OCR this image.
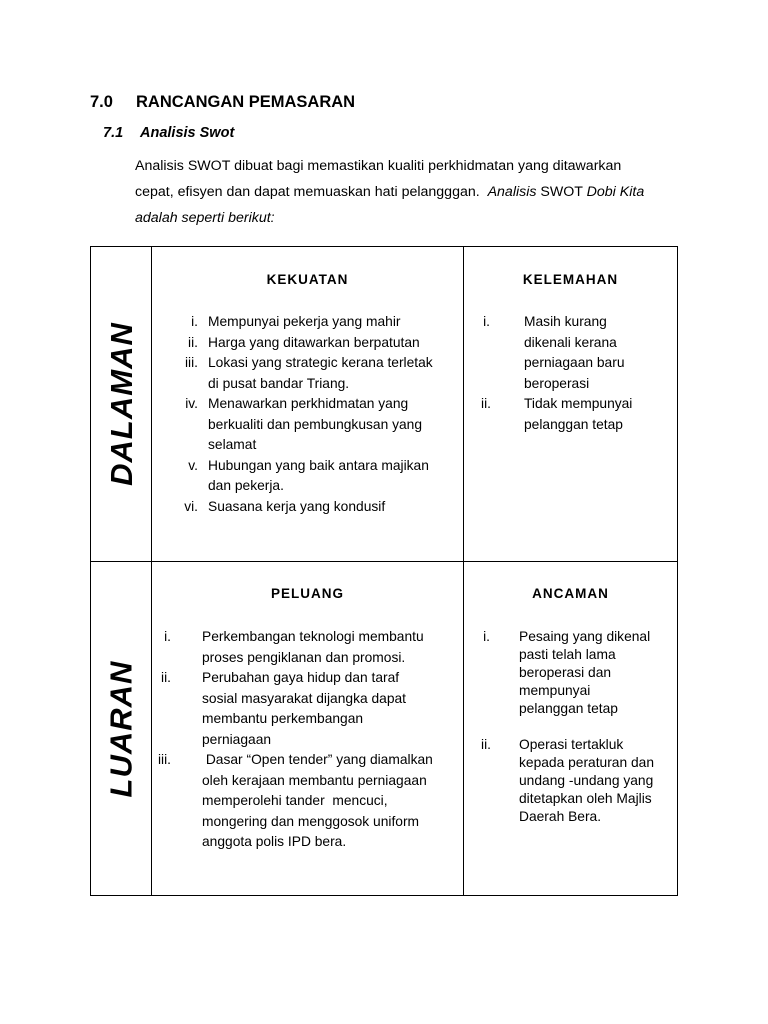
7.0 RANCANGAN PEMASARAN
7.1 Analisis Swot
Analisis SWOT dibuat bagi memastikan kualiti perkhidmatan yang ditawarkan
cepat, efisyen dan dapat memuaskan hati pelangggan.  Analisis SWOT Dobi Kita
adalah seperti berikut:
DALAMAN
LUARAN
KEKUATAN	KELEMAHAN
PELUANG	ANCAMAN
i. Mempunyai pekerja yang mahir
ii. Harga yang ditawarkan berpatutan
iii. Lokasi yang strategic kerana terletak
di pusat bandar Triang.
iv. Menawarkan perkhidmatan yang
berkualiti dan pembungkusan yang
selamat
v. Hubungan yang baik antara majikan
dan pekerja.
vi. Suasana kerja yang kondusif
i. Masih kurang
dikenali kerana
perniagaan baru
beroperasi
ii. Tidak mempunyai
pelanggan tetap
i. Perkembangan teknologi membantu
proses pengiklanan dan promosi.
ii. Perubahan gaya hidup dan taraf
sosial masyarakat dijangka dapat
membantu perkembangan
perniagaan
iii. Dasar “Open tender” yang diamalkan
oleh kerajaan membantu perniagaan
memperolehi tander  mencuci,
mongering dan menggosok uniform
anggota polis IPD bera.
i. Pesaing yang dikenal
pasti telah lama
beroperasi dan
mempunyai
pelanggan tetap
ii. Operasi tertakluk
kepada peraturan dan
undang -undang yang
ditetapkan oleh Majlis
Daerah Bera.
